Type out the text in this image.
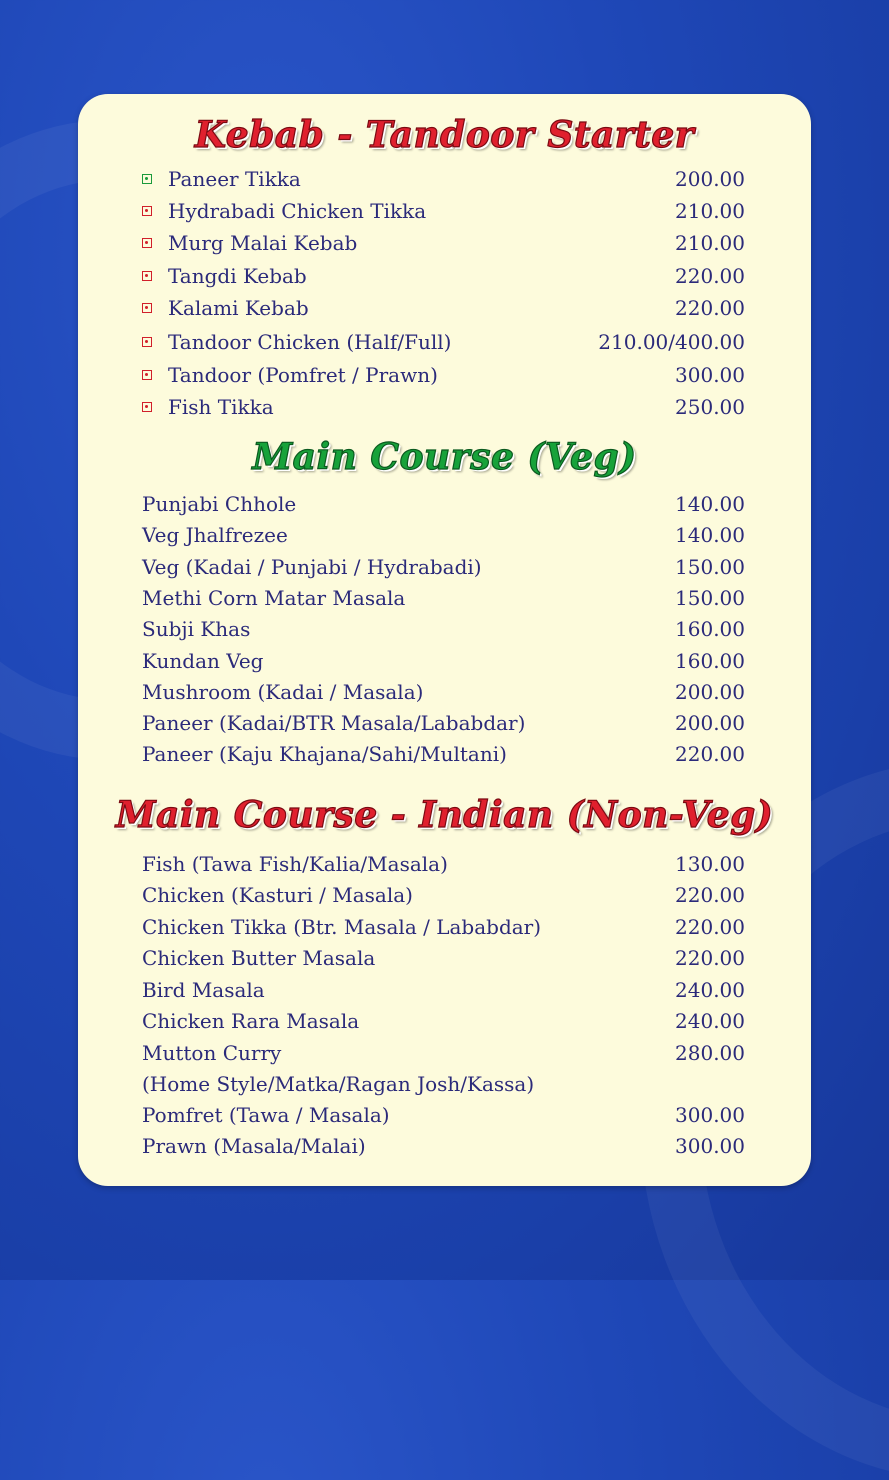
Kebab - Tandoor Starter
Paneer Tikka	200.00
Hydrabadi Chicken Tikka	210.00
Murg Malai Kebab	210.00
Tangdi Kebab	220.00
Kalami Kebab	220.00
Tandoor Chicken (Half/Full)	210.00/400.00
Tandoor (Pomfret / Prawn)	300.00
Fish Tikka	250.00
Main Course (Veg)
Punjabi Chhole	140.00
Veg Jhalfrezee	140.00
Veg (Kadai / Punjabi / Hydrabadi)	150.00
Methi Corn Matar Masala	150.00
Subji Khas	160.00
Kundan Veg	160.00
Mushroom (Kadai / Masala)	200.00
Paneer (Kadai/BTR Masala/Lababdar)	200.00
Paneer (Kaju Khajana/Sahi/Multani)	220.00
Main Course - Indian (Non-Veg)
Fish (Tawa Fish/Kalia/Masala)	130.00
Chicken (Kasturi / Masala)	220.00
Chicken Tikka (Btr. Masala / Lababdar)	220.00
Chicken Butter Masala	220.00
Bird Masala	240.00
Chicken Rara Masala	240.00
Mutton Curry	280.00
(Home Style/Matka/Ragan Josh/Kassa)
Pomfret (Tawa / Masala)	300.00
Prawn (Masala/Malai)	300.00
